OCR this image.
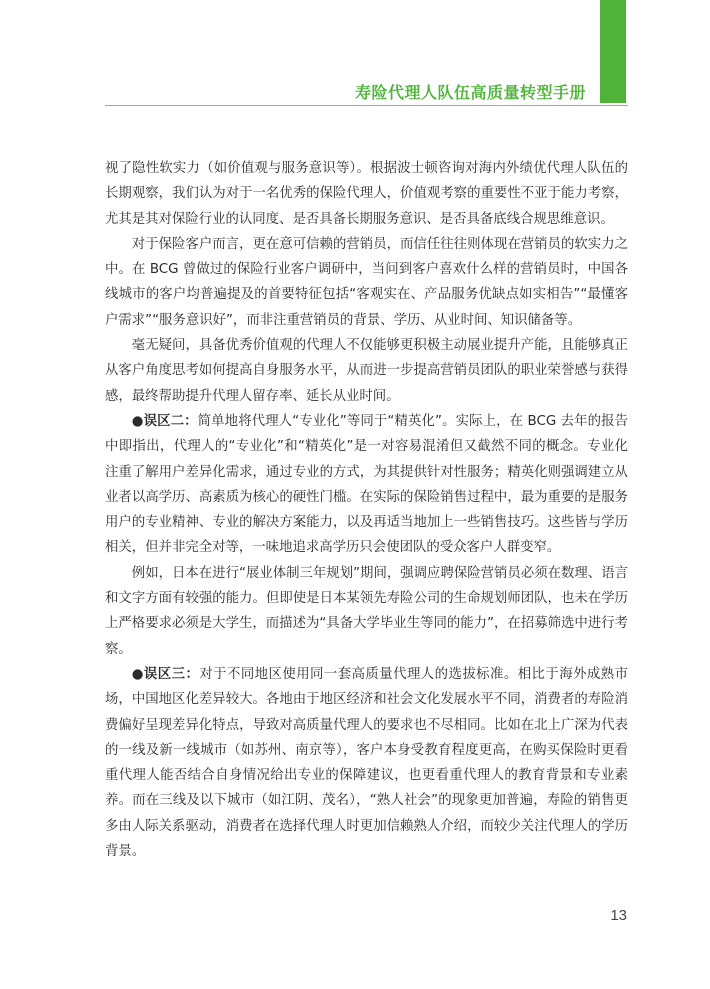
寿险代理人队伍高质量转型手册

视了隐性软实力（如价值观与服务意识等）。根据波士顿咨询对海内外绩优代理人队伍的长期观察，我们认为对于一名优秀的保险代理人，价值观考察的重要性不亚于能力考察，尤其是其对保险行业的认同度、是否具备长期服务意识、是否具备底线合规思维意识。

对于保险客户而言，更在意可信赖的营销员，而信任往往则体现在营销员的软实力之中。在 BCG 曾做过的保险行业客户调研中，当问到客户喜欢什么样的营销员时，中国各线城市的客户均普遍提及的首要特征包括“客观实在、产品服务优缺点如实相告”“最懂客户需求”“服务意识好”，而非注重营销员的背景、学历、从业时间、知识储备等。

毫无疑问，具备优秀价值观的代理人不仅能够更积极主动展业提升产能，且能够真正从客户角度思考如何提高自身服务水平，从而进一步提高营销员团队的职业荣誉感与获得感，最终帮助提升代理人留存率、延长从业时间。

●误区二：简单地将代理人“专业化”等同于“精英化”。实际上，在 BCG 去年的报告中即指出，代理人的“专业化”和“精英化”是一对容易混淆但又截然不同的概念。专业化注重了解用户差异化需求，通过专业的方式，为其提供针对性服务；精英化则强调建立从业者以高学历、高素质为核心的硬性门槛。在实际的保险销售过程中，最为重要的是服务用户的专业精神、专业的解决方案能力，以及再适当地加上一些销售技巧。这些皆与学历相关，但并非完全对等，一味地追求高学历只会使团队的受众客户人群变窄。

例如，日本在进行“展业体制三年规划”期间，强调应聘保险营销员必须在数理、语言和文字方面有较强的能力。但即使是日本某领先寿险公司的生命规划师团队，也未在学历上严格要求必须是大学生，而描述为“具备大学毕业生等同的能力”，在招募筛选中进行考察。

●误区三：对于不同地区使用同一套高质量代理人的选拔标准。相比于海外成熟市场，中国地区化差异较大。各地由于地区经济和社会文化发展水平不同，消费者的寿险消费偏好呈现差异化特点，导致对高质量代理人的要求也不尽相同。比如在北上广深为代表的一线及新一线城市（如苏州、南京等），客户本身受教育程度更高，在购买保险时更看重代理人能否结合自身情况给出专业的保障建议，也更看重代理人的教育背景和专业素养。而在三线及以下城市（如江阴、茂名），“熟人社会”的现象更加普遍，寿险的销售更多由人际关系驱动，消费者在选择代理人时更加信赖熟人介绍，而较少关注代理人的学历背景。

13
